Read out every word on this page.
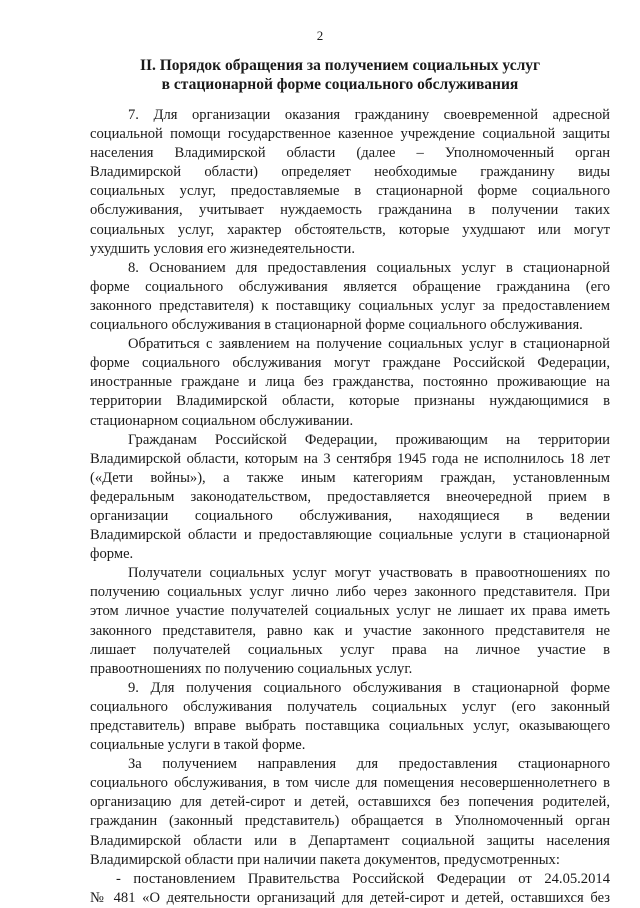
2
II. Порядок обращения за получением социальных услуг
в стационарной форме социального обслуживания
7. Для организации оказания гражданину своевременной адресной
социальной помощи государственное казенное учреждение социальной защиты
населения Владимирской области (далее – Уполномоченный орган
Владимирской области) определяет необходимые гражданину виды
социальных услуг, предоставляемые в стационарной форме социального
обслуживания, учитывает нуждаемость гражданина в получении таких
социальных услуг, характер обстоятельств, которые ухудшают или могут
ухудшить условия его жизнедеятельности.
8. Основанием для предоставления социальных услуг в стационарной
форме социального обслуживания является обращение гражданина (его
законного представителя) к поставщику социальных услуг за предоставлением
социального обслуживания в стационарной форме социального обслуживания.
Обратиться с заявлением на получение социальных услуг в стационарной
форме социального обслуживания могут граждане Российской Федерации,
иностранные граждане и лица без гражданства, постоянно проживающие на
территории Владимирской области, которые признаны нуждающимися в
стационарном социальном обслуживании.
Гражданам Российской Федерации, проживающим на территории
Владимирской области, которым на 3 сентября 1945 года не исполнилось 18 лет
(«Дети войны»), а также иным категориям граждан, установленным
федеральным законодательством, предоставляется внеочередной прием в
организации социального обслуживания, находящиеся в ведении
Владимирской области и предоставляющие социальные услуги в стационарной
форме.
Получатели социальных услуг могут участвовать в правоотношениях по
получению социальных услуг лично либо через законного представителя. При
этом личное участие получателей социальных услуг не лишает их права иметь
законного представителя, равно как и участие законного представителя не
лишает получателей социальных услуг права на личное участие в
правоотношениях по получению социальных услуг.
9. Для получения социального обслуживания в стационарной форме
социального обслуживания получатель социальных услуг (его законный
представитель) вправе выбрать поставщика социальных услуг, оказывающего
социальные услуги в такой форме.
За получением направления для предоставления стационарного
социального обслуживания, в том числе для помещения несовершеннолетнего в
организацию для детей-сирот и детей, оставшихся без попечения родителей,
гражданин (законный представитель) обращается в Уполномоченный орган
Владимирской области или в Департамент социальной защиты населения
Владимирской области при наличии пакета документов, предусмотренных:
- постановлением Правительства Российской Федерации от 24.05.2014
№ 481 «О деятельности организаций для детей-сирот и детей, оставшихся без
